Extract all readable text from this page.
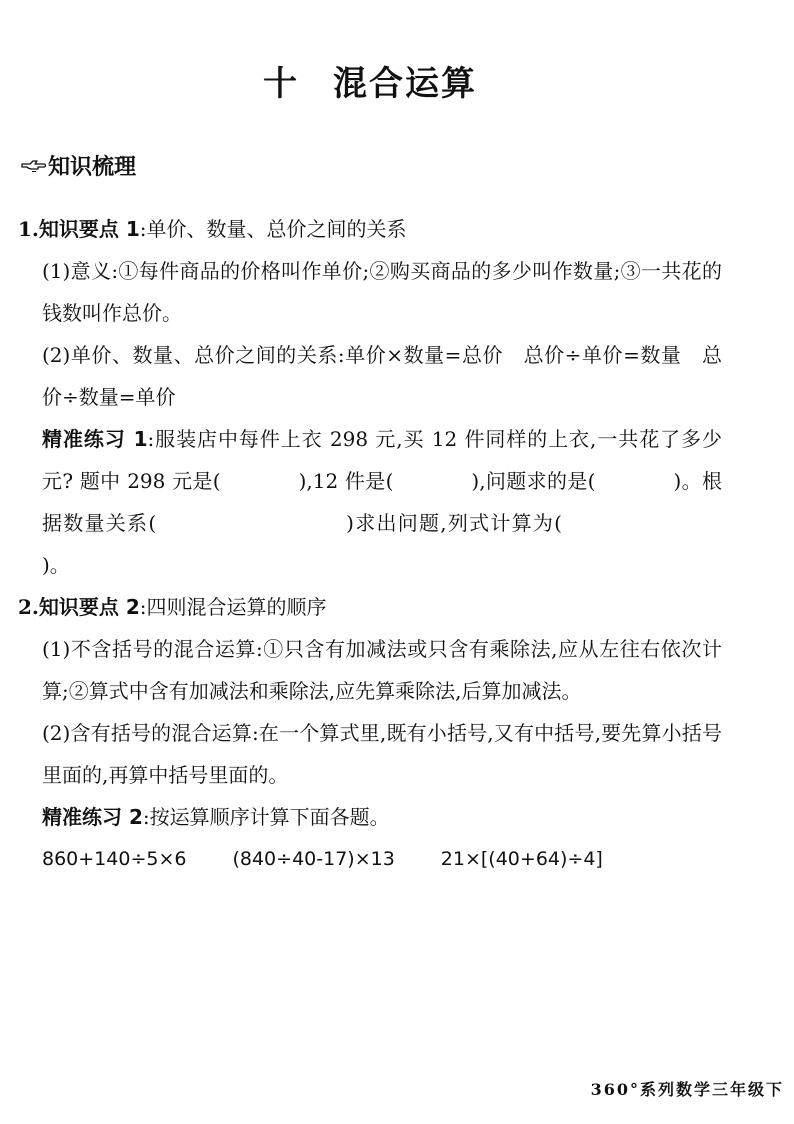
十 混合运算
知识梳理
1.知识要点 1:单价、数量、总价之间的关系
(1)意义:①每件商品的价格叫作单价;②购买商品的多少叫作数量;③一共花的钱数叫作总价。
(2)单价、数量、总价之间的关系:单价×数量=总价　总价÷单价=数量　总价÷数量=单价
精准练习 1:服装店中每件上衣 298 元,买 12 件同样的上衣,一共花了多少元? 题中 298 元是(	),12 件是(	),问题求的是(	)。根据数量关系(	)求出问题,列式计算为()。
2.知识要点 2:四则混合运算的顺序
(1)不含括号的混合运算:①只含有加减法或只含有乘除法,应从左往右依次计算;②算式中含有加减法和乘除法,应先算乘除法,后算加减法。
(2)含有括号的混合运算:在一个算式里,既有小括号,又有中括号,要先算小括号里面的,再算中括号里面的。
精准练习 2:按运算顺序计算下面各题。
860+140÷5×6 (840÷40-17)×13 21×[(40+64)÷4]
360°系列数学三年级下
